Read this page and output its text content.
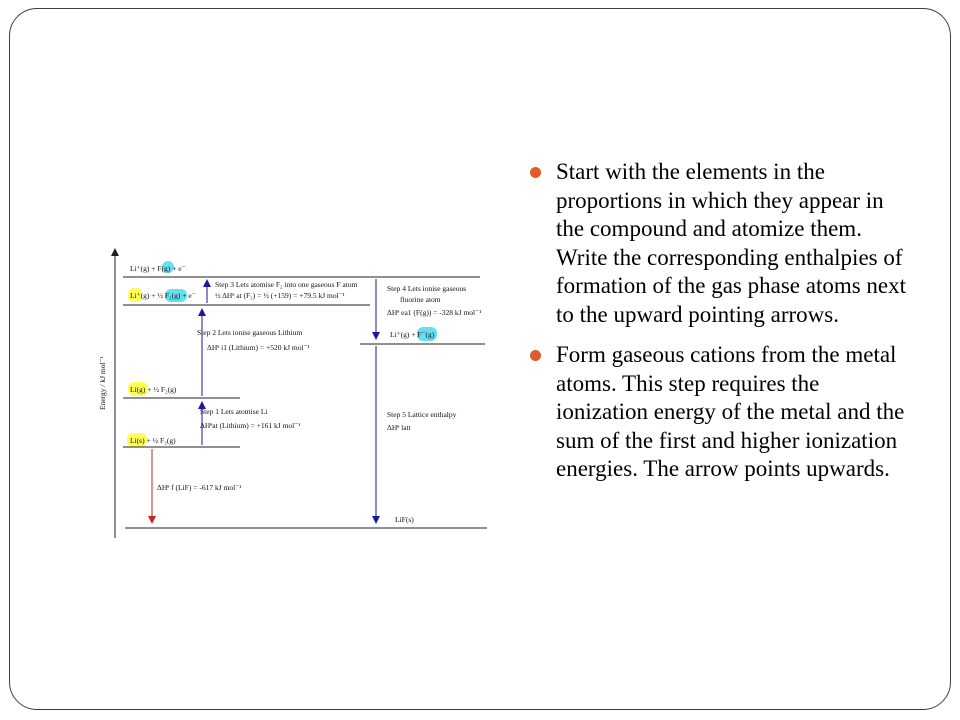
Energy / kJ mol⁻¹
Li⁺(g) + F(g) + e⁻
Li⁺(g) + ½ F₂(g) + e⁻
Li(g) + ½ F₂(g)
Li(s) + ½ F₂(g)
Li⁺(g) + F⁻(g)
LiF(s)
Step 3 Lets atomise F₂ into one gaseous F atom
½ ΔHᶿ at (F₂) = ½ (+159) = +79.5 kJ mol⁻¹
Step 2 Lets ionise gaseous Lithium
ΔHᶿ i1 (Lithium) = +520 kJ mol⁻¹
Step 1 Lets atomise Li
ΔHᶿat (Lithium) = +161 kJ mol⁻¹
Step 4 Lets ionise gaseous
fluorine atom
ΔHᶿ ea1 (F(g)) = -328 kJ mol⁻¹
Step 5 Lattice enthalpy
ΔHᶿ latt
ΔHᶿ f (LiF) = -617 kJ mol⁻¹
Start with the elements in the proportions in which they appear in the compound and atomize them. Write the corresponding enthalpies of formation of the gas phase atoms next to the upward pointing arrows.
Form gaseous cations from the metal atoms. This step requires the ionization energy of the metal and the sum of the first and higher ionization energies. The arrow points upwards.
